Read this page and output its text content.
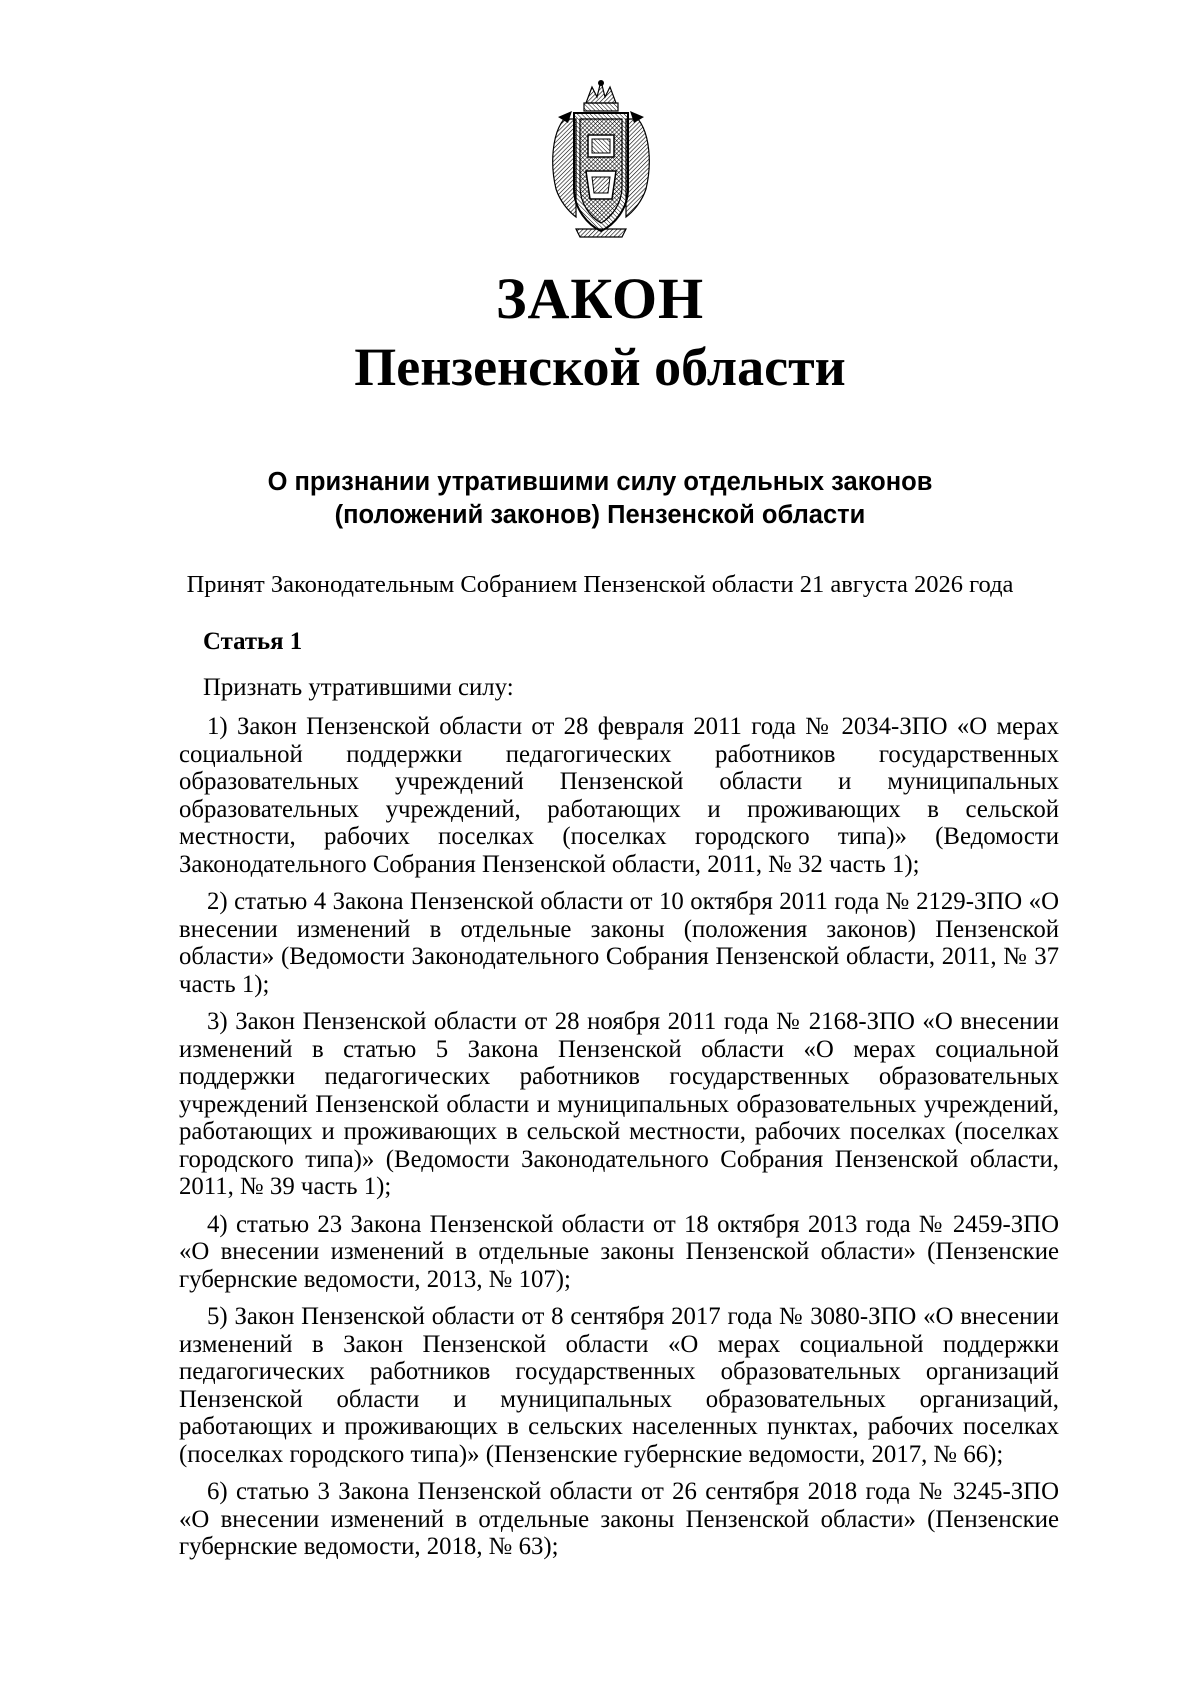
ЗАКОН
Пензенской области
О признании утратившими силу отдельных законов
(положений законов) Пензенской области

Принят Законодательным Собранием Пензенской области 21 августа 2026 года

Статья 1

Признать утратившими силу:

1) Закон Пензенской области от 28 февраля 2011 года № 2034-ЗПО «О мерах социальной поддержки педагогических работников государственных образовательных учреждений Пензенской области и муниципальных образовательных учреждений, работающих и проживающих в сельской местности, рабочих поселках (поселках городского типа)» (Ведомости Законодательного Собрания Пензенской области, 2011, № 32 часть 1);

2) статью 4 Закона Пензенской области от 10 октября 2011 года № 2129-ЗПО «О внесении изменений в отдельные законы (положения законов) Пензенской области» (Ведомости Законодательного Собрания Пензенской области, 2011, № 37 часть 1);

3) Закон Пензенской области от 28 ноября 2011 года № 2168-ЗПО «О внесении изменений в статью 5 Закона Пензенской области «О мерах социальной поддержки педагогических работников государственных образовательных учреждений Пензенской области и муниципальных образовательных учреждений, работающих и проживающих в сельской местности, рабочих поселках (поселках городского типа)» (Ведомости Законодательного Собрания Пензенской области, 2011, № 39 часть 1);

4) статью 23 Закона Пензенской области от 18 октября 2013 года № 2459-ЗПО «О внесении изменений в отдельные законы Пензенской области» (Пензенские губернские ведомости, 2013, № 107);

5) Закон Пензенской области от 8 сентября 2017 года № 3080-ЗПО «О внесении изменений в Закон Пензенской области «О мерах социальной поддержки педагогических работников государственных образовательных организаций Пензенской области и муниципальных образовательных организаций, работающих и проживающих в сельских населенных пунктах, рабочих поселках (поселках городского типа)» (Пензенские губернские ведомости, 2017, № 66);

6) статью 3 Закона Пензенской области от 26 сентября 2018 года № 3245-ЗПО «О внесении изменений в отдельные законы Пензенской области» (Пензенские губернские ведомости, 2018, № 63);
